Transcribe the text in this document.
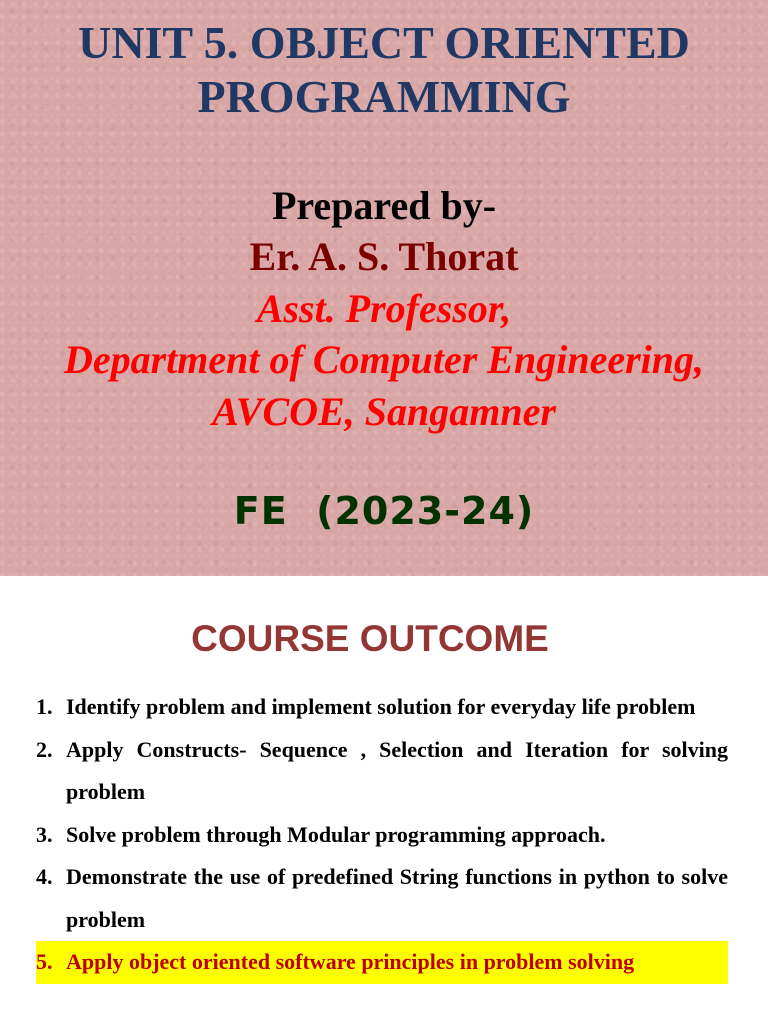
UNIT 5. OBJECT ORIENTED
PROGRAMMING
Prepared by-
Er. A. S. Thorat
Asst. Professor,
Department of Computer Engineering,
AVCOE, Sangamner
FE  (2023-24)
COURSE OUTCOME
1. Identify problem and implement solution for everyday life problem
2. Apply Constructs- Sequence , Selection and Iteration for solving problem
3. Solve problem through Modular programming approach.
4. Demonstrate the use of predefined String functions in python to solve problem
5. Apply object oriented software principles in problem solving
